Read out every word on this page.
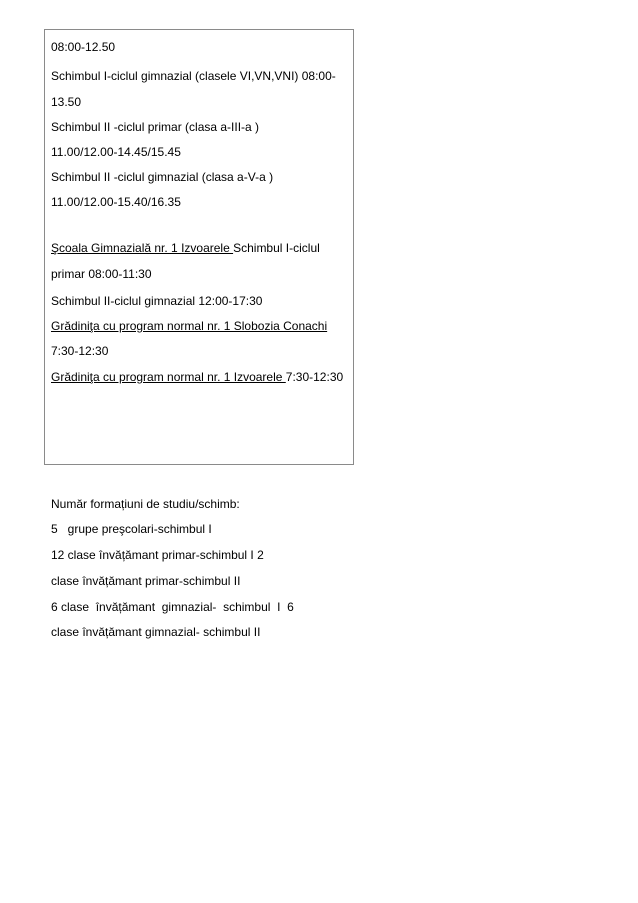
08:00-12.50
Schimbul I-ciclul gimnazial (clasele VI,VN,VNI) 08:00-
13.50
Schimbul II -ciclul primar (clasa a-III-a )
11.00/12.00-14.45/15.45
Schimbul II -ciclul gimnazial (clasa a-V-a )
11.00/12.00-15.40/16.35
Şcoala Gimnazială nr. 1 Izvoarele Schimbul I-ciclul
primar 08:00-11:30
Schimbul II-ciclul gimnazial 12:00-17:30
Grădiniţa cu program normal nr. 1 Slobozia Conachi
7:30-12:30
Grădiniţa cu program normal nr. 1 Izvoarele 7:30-12:30
Număr formațiuni de studiu/schimb:
5   grupe preşcolari-schimbul I
12 clase învățămant primar-schimbul I 2
clase învățămant primar-schimbul II
6 clase  învățămant  gimnazial-  schimbul  I  6
clase învățămant gimnazial- schimbul II
